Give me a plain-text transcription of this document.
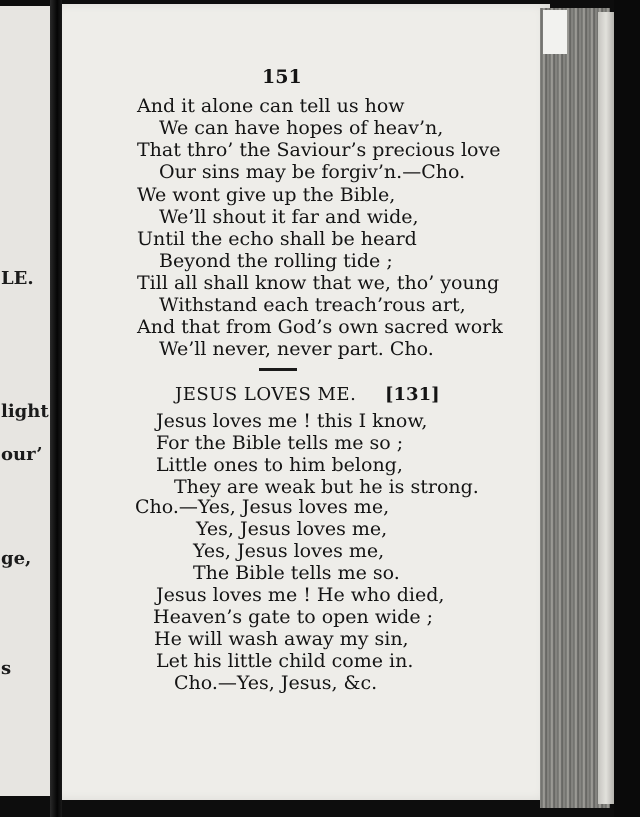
LE.
light
our’
ge,
s
151
And it alone can tell us how
We can have hopes of heav’n,
That thro’ the Saviour’s precious love
Our sins may be forgiv’n.—Cho.
We wont give up the Bible,
We’ll shout it far and wide,
Until the echo shall be heard
Beyond the rolling tide ;
Till all shall know that we, tho’ young
Withstand each treach’rous art,
And that from God’s own sacred work
We’ll never, never part. Cho.
JESUS LOVES ME. [131]
Jesus loves me ! this I know,
For the Bible tells me so ;
Little ones to him belong,
They are weak but he is strong.
Cho.—Yes, Jesus loves me,
Yes, Jesus loves me,
Yes, Jesus loves me,
The Bible tells me so.
Jesus loves me ! He who died,
Heaven’s gate to open wide ;
He will wash away my sin,
Let his little child come in.
Cho.—Yes, Jesus, &c.
